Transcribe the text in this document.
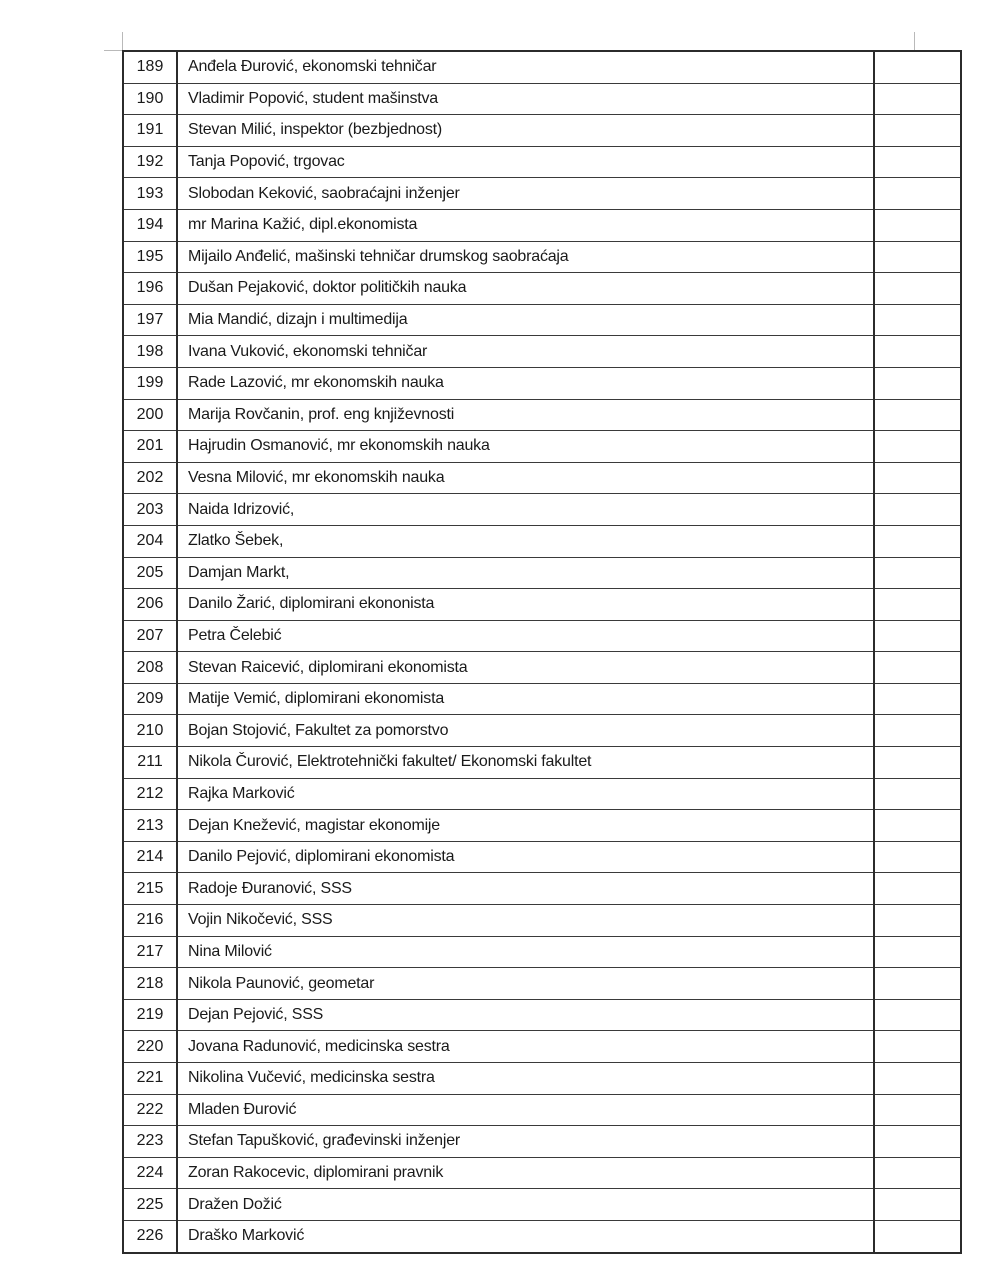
189	Anđela Đurović, ekonomski tehničar	
190	Vladimir Popović, student mašinstva	
191	Stevan Milić, inspektor (bezbjednost)	
192	Tanja Popović, trgovac	
193	Slobodan Keković, saobraćajni inženjer	
194	mr Marina Kažić, dipl.ekonomista	
195	Mijailo Anđelić, mašinski tehničar drumskog saobraćaja	
196	Dušan Pejaković, doktor političkih nauka	
197	Mia Mandić, dizajn i multimedija	
198	Ivana Vuković, ekonomski tehničar	
199	Rade Lazović, mr ekonomskih nauka	
200	Marija Rovčanin, prof. eng književnosti	
201	Hajrudin Osmanović, mr ekonomskih nauka	
202	Vesna Milović, mr ekonomskih nauka	
203	Naida Idrizović,	
204	Zlatko Šebek,	
205	Damjan Markt,	
206	Danilo Žarić, diplomirani ekononista	
207	Petra Čelebić	
208	Stevan Raicević, diplomirani ekonomista	
209	Matije Vemić, diplomirani ekonomista	
210	Bojan Stojović, Fakultet za pomorstvo	
211	Nikola Čurović, Elektrotehnički fakultet/ Ekonomski fakultet	
212	Rajka Marković	
213	Dejan Knežević, magistar ekonomije	
214	Danilo Pejović, diplomirani ekonomista	
215	Radoje Đuranović, SSS	
216	Vojin Nikočević, SSS	
217	Nina Milović	
218	Nikola Paunović, geometar	
219	Dejan Pejović, SSS	
220	Jovana Radunović, medicinska sestra	
221	Nikolina Vučević, medicinska sestra	
222	Mladen Đurović	
223	Stefan Tapušković, građevinski inženjer	
224	Zoran Rakocevic, diplomirani pravnik	
225	Dražen Dožić	
226	Draško Marković	
